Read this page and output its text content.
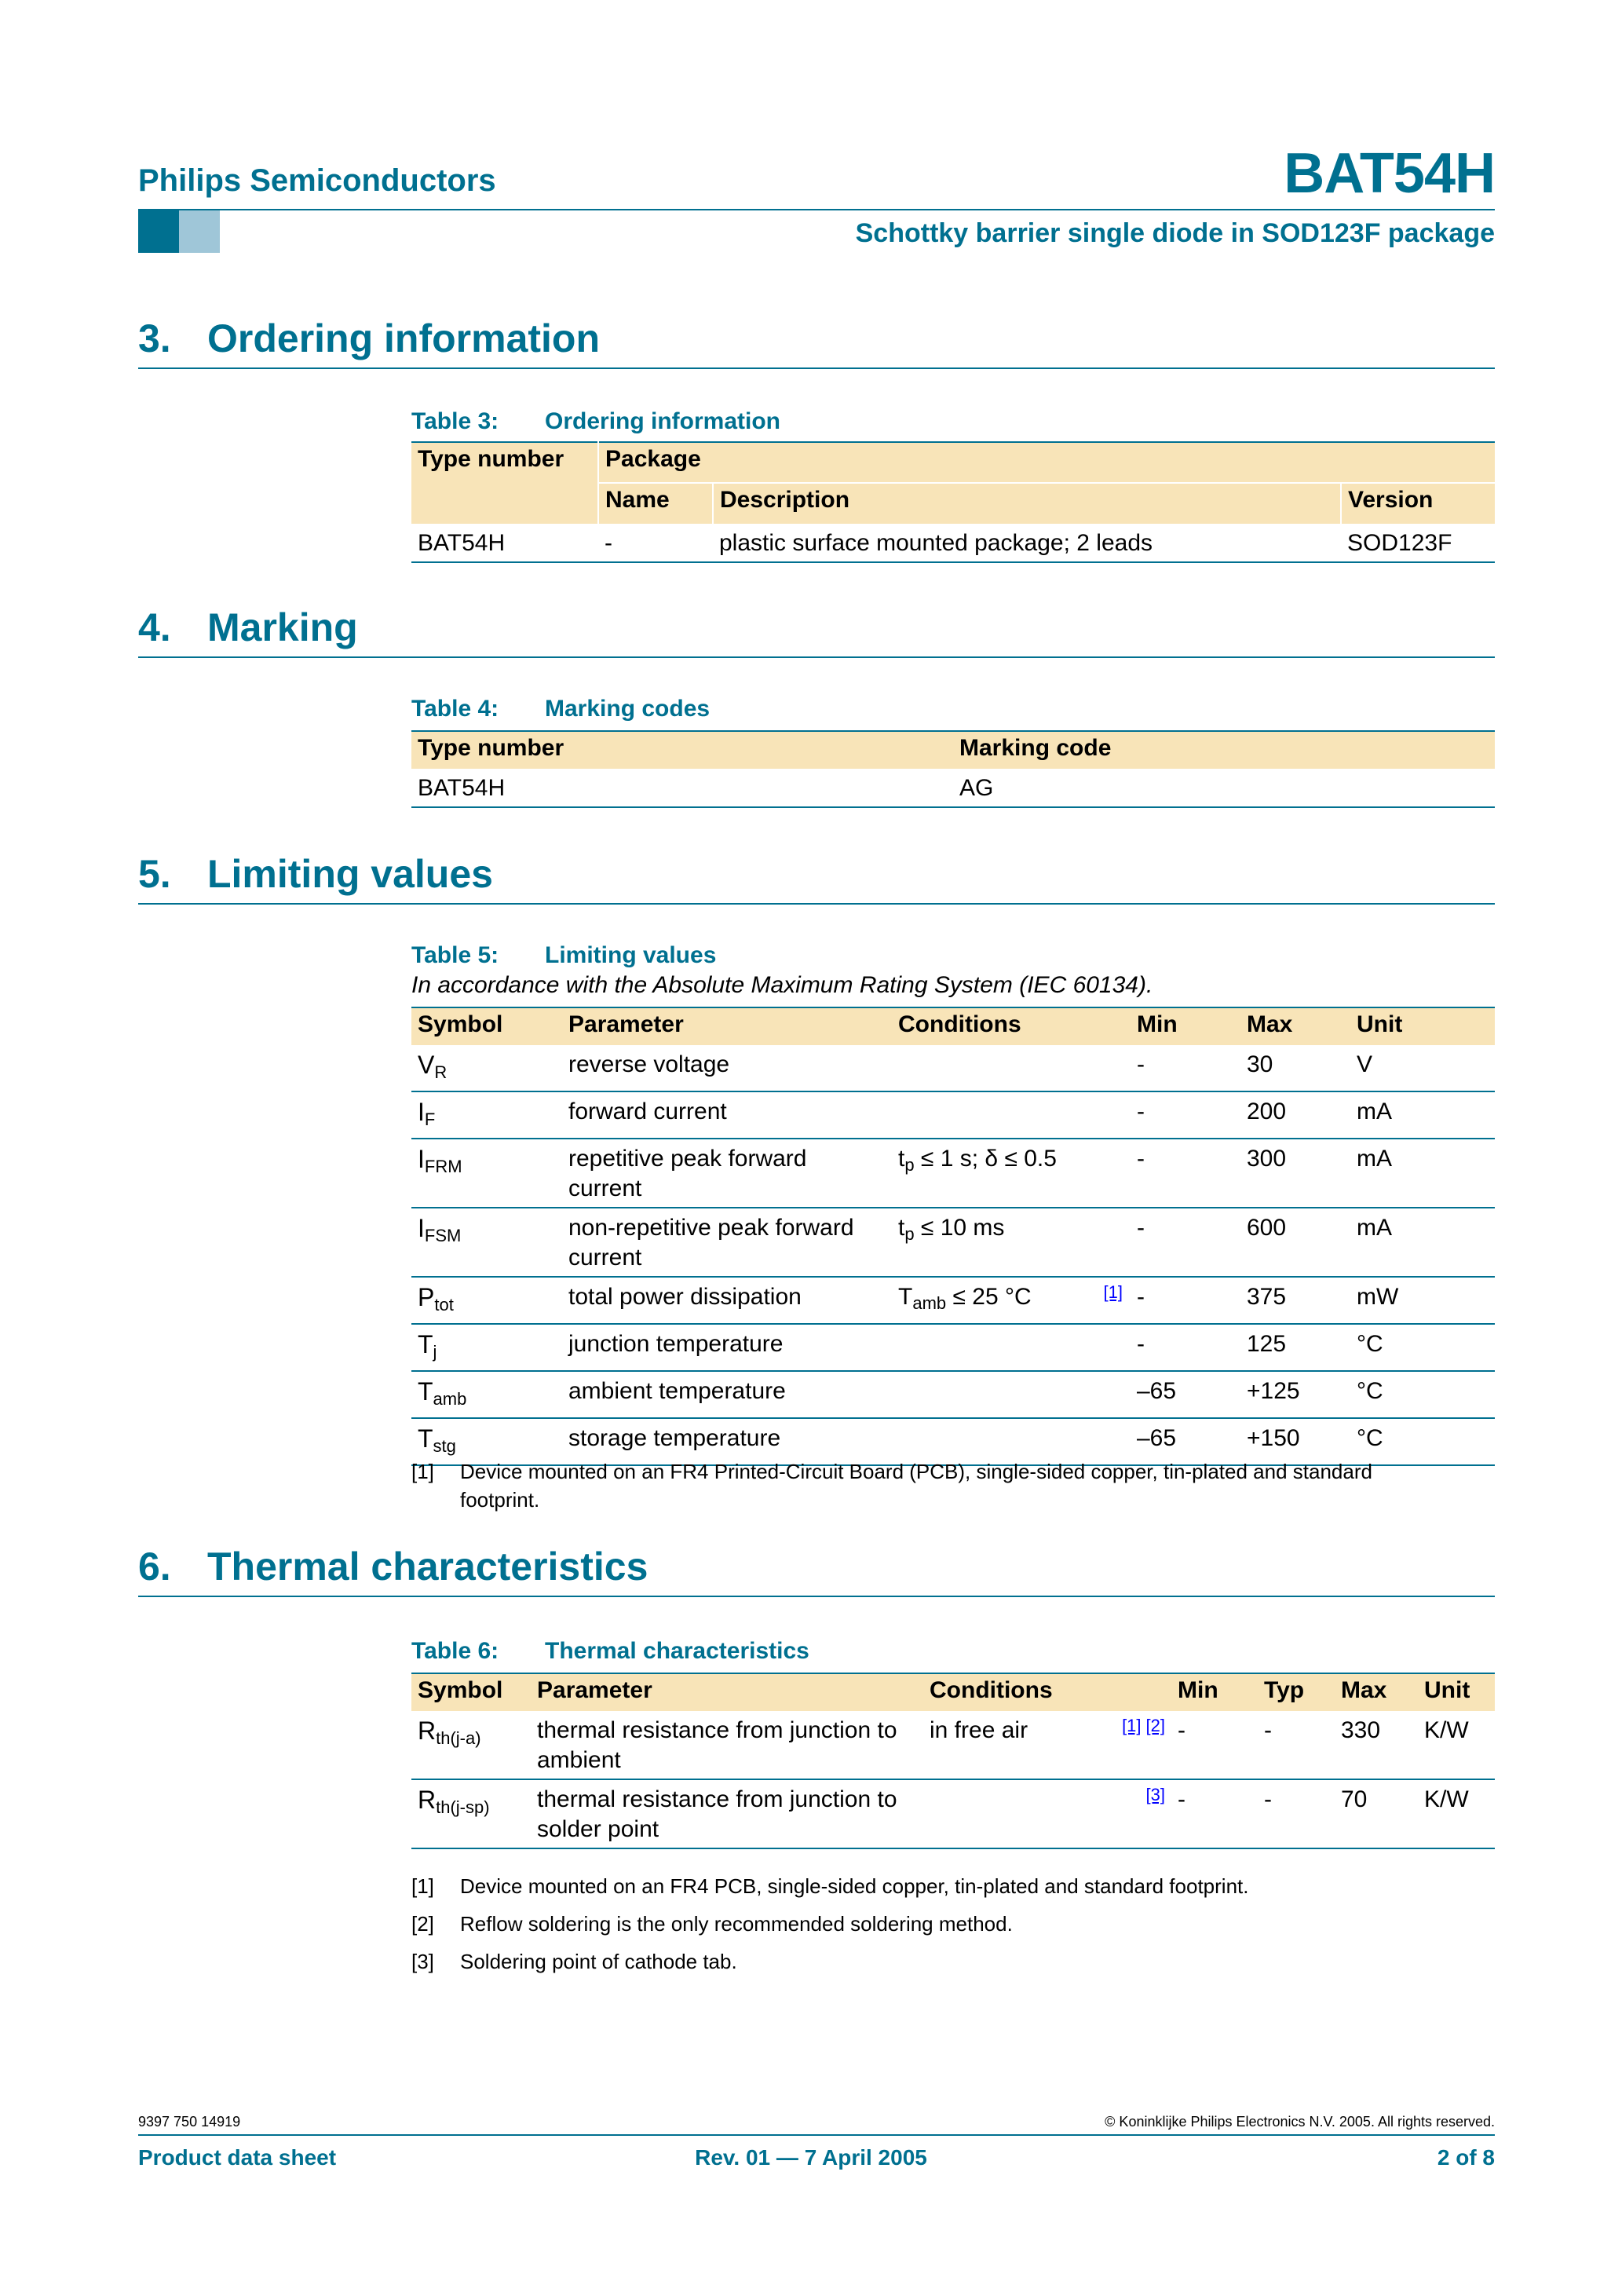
Philips Semiconductors	BAT54H
Schottky barrier single diode in SOD123F package
3. Ordering information
Table 3: Ordering information
Type number	Package		
	Name	Description	Version
BAT54H	-	plastic surface mounted package; 2 leads	SOD123F
4. Marking
Table 4: Marking codes
Type number	Marking code
BAT54H	AG
5. Limiting values
Table 5: Limiting values
In accordance with the Absolute Maximum Rating System (IEC 60134).
Symbol	Parameter	Conditions	Min	Max	Unit
$V_R$	reverse voltage		-	30	V
$I_F$	forward current		-	200	mA
$I_{FRM}$	repetitive peak forward current	$t_p \le 1$ s; δ ≤ 0.5	-	300	mA
$I_{FSM}$	non-repetitive peak forward current	$t_p \le 10$ ms	-	600	mA
$P_{tot}$	total power dissipation	$T_{amb} \le 25$ °C [1]	-	375	mW
$T_j$	junction temperature		-	125	°C
$T_{amb}$	ambient temperature		–65	+125	°C
$T_{stg}$	storage temperature		–65	+150	°C
[1] Device mounted on an FR4 Printed-Circuit Board (PCB), single-sided copper, tin-plated and standard footprint.
6. Thermal characteristics
Table 6: Thermal characteristics
Symbol	Parameter	Conditions	Min	Typ	Max	Unit
$R_{th(j-a)}$	thermal resistance from junction to ambient	in free air [1] [2]	-	-	330	K/W
$R_{th(j-sp)}$	thermal resistance from junction to solder point	[3]	-	-	70	K/W
[1] Device mounted on an FR4 PCB, single-sided copper, tin-plated and standard footprint.
[2] Reflow soldering is the only recommended soldering method.
[3] Soldering point of cathode tab.
9397 750 14919	© Koninklijke Philips Electronics N.V. 2005. All rights reserved.
Product data sheet	Rev. 01 — 7 April 2005	2 of 8
